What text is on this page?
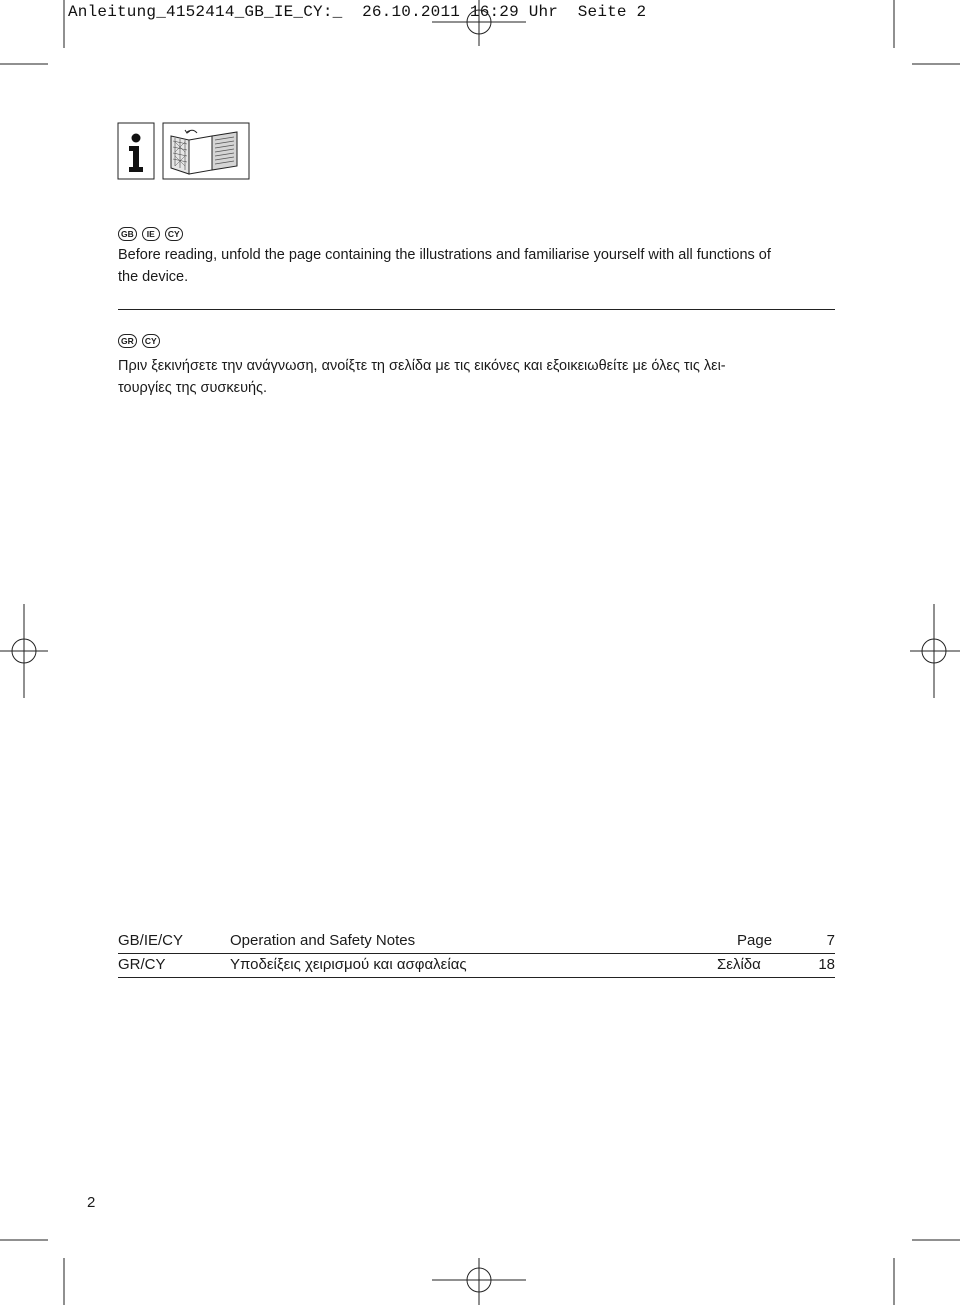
Anleitung_4152414_GB_IE_CY:_ 26.10.2011 16:29 Uhr Seite 2
GB	IE	CY
Before reading, unfold the page containing the illustrations and familiarise yourself with all functions of
the device.
GR	CY
Πριν ξεκινήσετε την ανάγνωση, ανοίξτε τη σελίδα με τις εικόνες και εξοικειωθείτε με όλες τις λει-
τουργίες της συσκευής.
GB/IE/CY	Operation and Safety Notes	Page	7
GR/CY	Υποδείξεις χειρισμού και ασφαλείας	Σελίδα	18
2
